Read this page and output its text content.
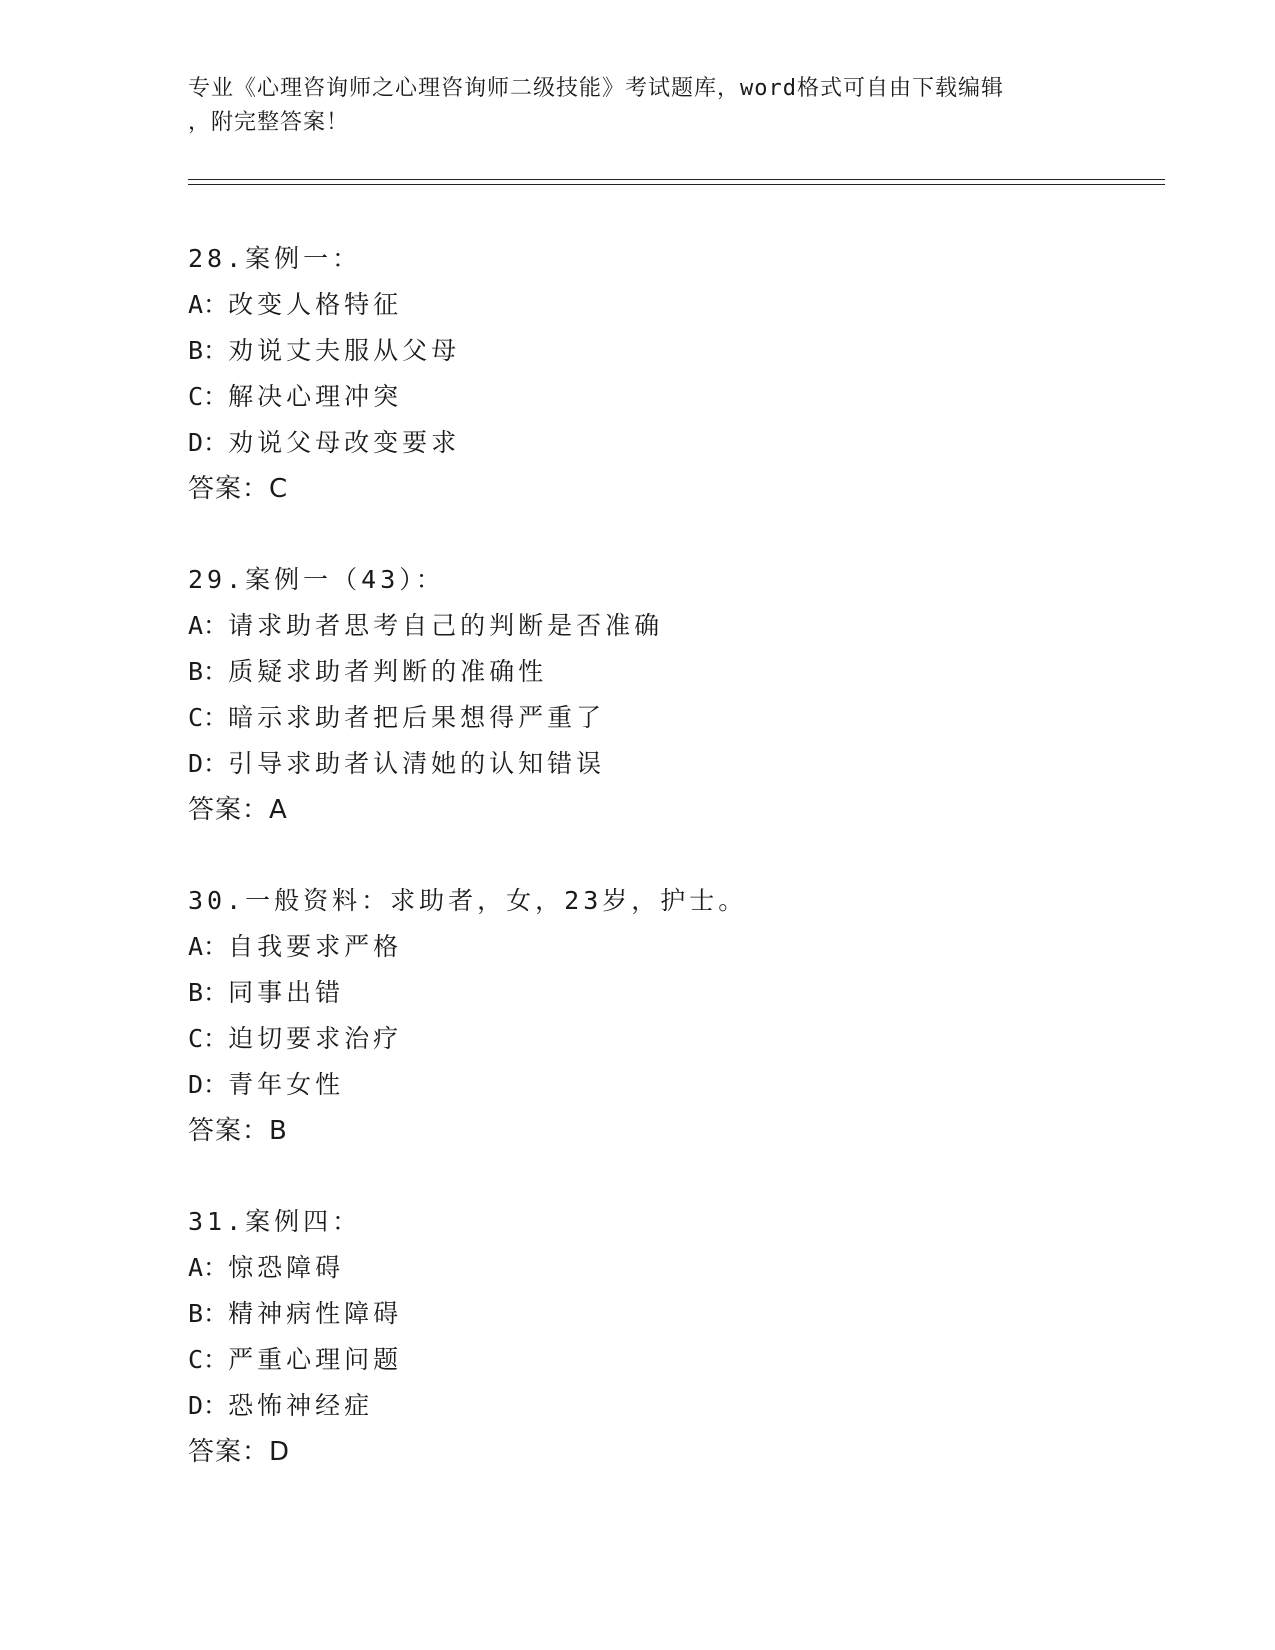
专业《心理咨询师之心理咨询师二级技能》考试题库，word格式可自由下载编辑
，附完整答案！
28.案例一：
A：改变人格特征
B：劝说丈夫服从父母
C：解决心理冲突
D：劝说父母改变要求
答案：C
29.案例一（43）：
A：请求助者思考自己的判断是否准确
B：质疑求助者判断的准确性
C：暗示求助者把后果想得严重了
D：引导求助者认清她的认知错误
答案：A
30.一般资料：求助者，女，23岁，护士。
A：自我要求严格
B：同事出错
C：迫切要求治疗
D：青年女性
答案：B
31.案例四：
A：惊恐障碍
B：精神病性障碍
C：严重心理问题
D：恐怖神经症
答案：D
